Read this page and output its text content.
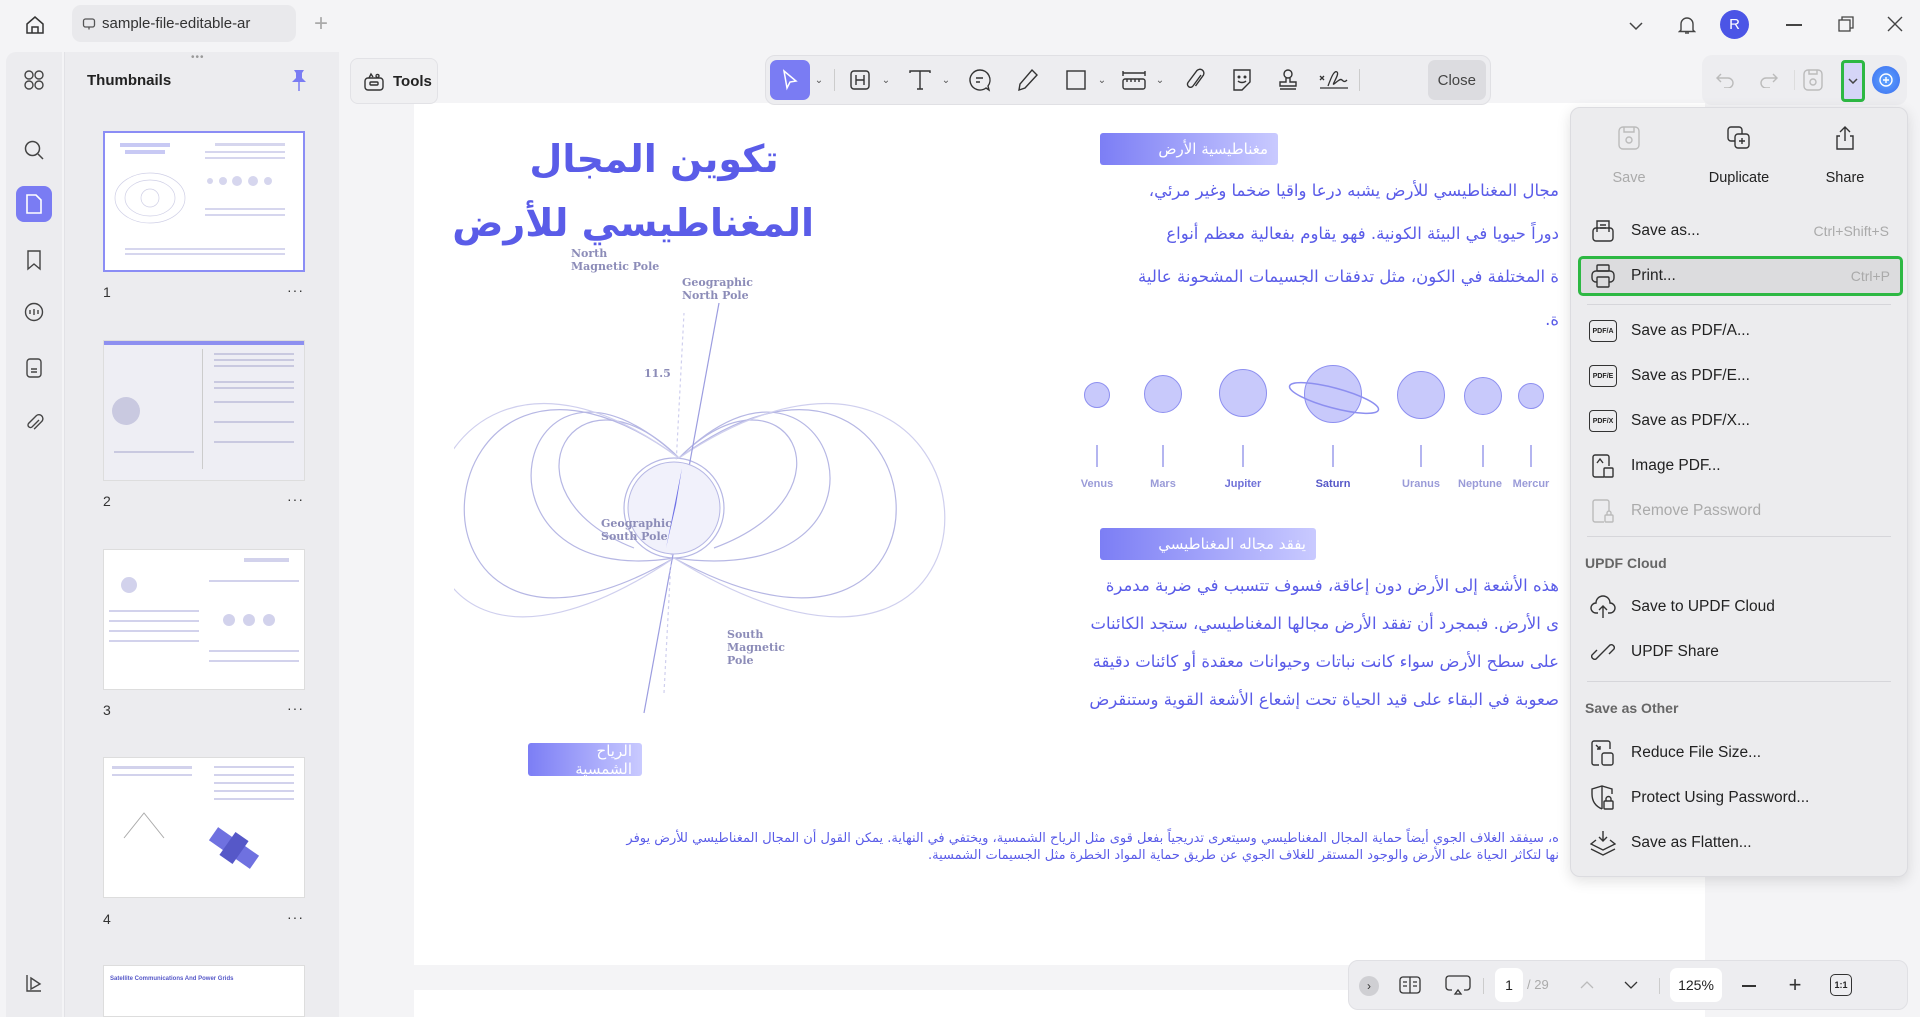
sample-file-editable-ar	+	R
•••
Thumbnails
1	···
2	···
3	···
4	···
Satellite Communications And Power Grids
تكوين المجال
المغناطيسي للأرض
North
Magnetic Pole
Geographic
North Pole
11.5
Geographic
South Pole
South
Magnetic
Pole
مغناطيسية الأرض
مجال المغناطيسي للأرض يشبه درعا واقيا ضخما وغير مرئي،
دوراً حيويا في البيئة الكونية. فهو يقاوم بفعالية معظم أنواع
ة المختلفة في الكون، مثل تدفقات الجسيمات المشحونة عالية
ة.
Venus	Mars	Jupiter	Saturn	Uranus Neptune Mercur
يفقد مجاله المغناطيسي
هذه الأشعة إلى الأرض دون إعاقة، فسوف تتسبب في ضربة مدمرة
ى الأرض. فبمجرد أن تفقد الأرض مجالها المغناطيسي، ستجد الكائنات
على سطح الأرض سواء كانت نباتات وحيوانات معقدة أو كائنات دقيقة
صعوبة في البقاء على قيد الحياة تحت إشعاع الأشعة القوية وستنقرض
الرياح الشمسية
ه، سيفقد الغلاف الجوي أيضاً حماية المجال المغناطيسي وسيتعرى تدريجياً بفعل قوى مثل الرياح الشمسية، ويختفي في النهاية. يمكن القول أن المجال المغناطيسي للأرض يوفر
نها لتكاثر الحياة على الأرض والوجود المستقر للغلاف الجوي عن طريق حماية المواد الخطرة مثل الجسيمات الشمسية.
Tools	⌄	⌄	⌄	⌄	⌄	Close
Save	Duplicate	Share
Save as...	Ctrl+Shift+S
Print...	Ctrl+P
PDF/A Save as PDF/A...
PDF/E Save as PDF/E...
PDF/X Save as PDF/X...
Image PDF...
Remove Password
UPDF Cloud
Save to UPDF Cloud
UPDF Share
Save as Other
Reduce File Size...
Protect Using Password...
Save as Flatten...
›	1	/ 29	125%	+	1:1
